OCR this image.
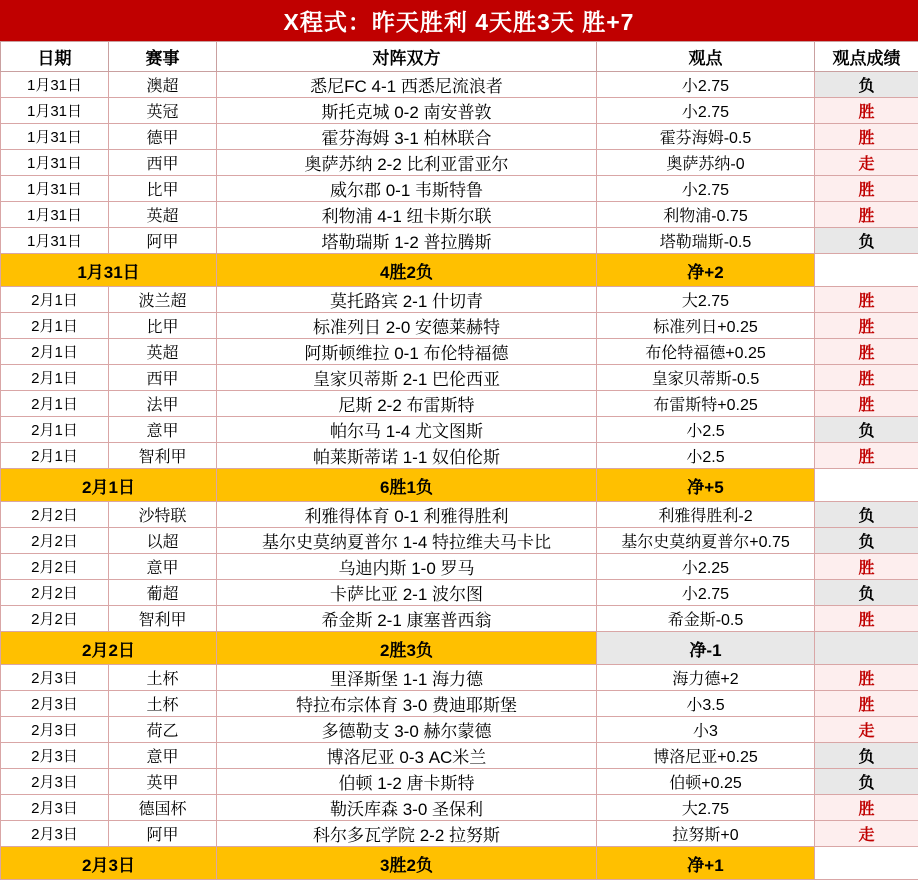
X程式：昨天胜利 4天胜3天 胜+7
日期	赛事	对阵双方	观点	观点成绩
1月31日	澳超	悉尼FC 4-1 西悉尼流浪者	小2.75	负
1月31日	英冠	斯托克城 0-2 南安普敦	小2.75	胜
1月31日	德甲	霍芬海姆 3-1 柏林联合	霍芬海姆-0.5	胜
1月31日	西甲	奥萨苏纳 2-2 比利亚雷亚尔	奥萨苏纳-0	走
1月31日	比甲	威尔郡 0-1 韦斯特鲁	小2.75	胜
1月31日	英超	利物浦 4-1 纽卡斯尔联	利物浦-0.75	胜
1月31日	阿甲	塔勒瑞斯 1-2 普拉腾斯	塔勒瑞斯-0.5	负
1月31日		4胜2负	净+2	
2月1日	波兰超	莫托路宾 2-1 什切青	大2.75	胜
2月1日	比甲	标准列日 2-0 安德莱赫特	标准列日+0.25	胜
2月1日	英超	阿斯顿维拉 0-1 布伦特福德	布伦特福德+0.25	胜
2月1日	西甲	皇家贝蒂斯 2-1 巴伦西亚	皇家贝蒂斯-0.5	胜
2月1日	法甲	尼斯 2-2 布雷斯特	布雷斯特+0.25	胜
2月1日	意甲	帕尔马 1-4 尤文图斯	小2.5	负
2月1日	智利甲	帕莱斯蒂诺 1-1 奴伯伦斯	小2.5	胜
2月1日		6胜1负	净+5	
2月2日	沙特联	利雅得体育 0-1 利雅得胜利	利雅得胜利-2	负
2月2日	以超	基尔史莫纳夏普尔 1-4 特拉维夫马卡比	基尔史莫纳夏普尔+0.75	负
2月2日	意甲	乌迪内斯 1-0 罗马	小2.25	胜
2月2日	葡超	卡萨比亚 2-1 波尔图	小2.75	负
2月2日	智利甲	希金斯 2-1 康塞普西翁	希金斯-0.5	胜
2月2日		2胜3负	净-1	
2月3日	土杯	里泽斯堡 1-1 海力德	海力德+2	胜
2月3日	土杯	特拉布宗体育 3-0 费迪耶斯堡	小3.5	胜
2月3日	荷乙	多德勒支 3-0 赫尔蒙德	小3	走
2月3日	意甲	博洛尼亚 0-3 AC米兰	博洛尼亚+0.25	负
2月3日	英甲	伯顿 1-2 唐卡斯特	伯顿+0.25	负
2月3日	德国杯	勒沃库森 3-0 圣保利	大2.75	胜
2月3日	阿甲	科尔多瓦学院 2-2 拉努斯	拉努斯+0	走
2月3日		3胜2负	净+1	
